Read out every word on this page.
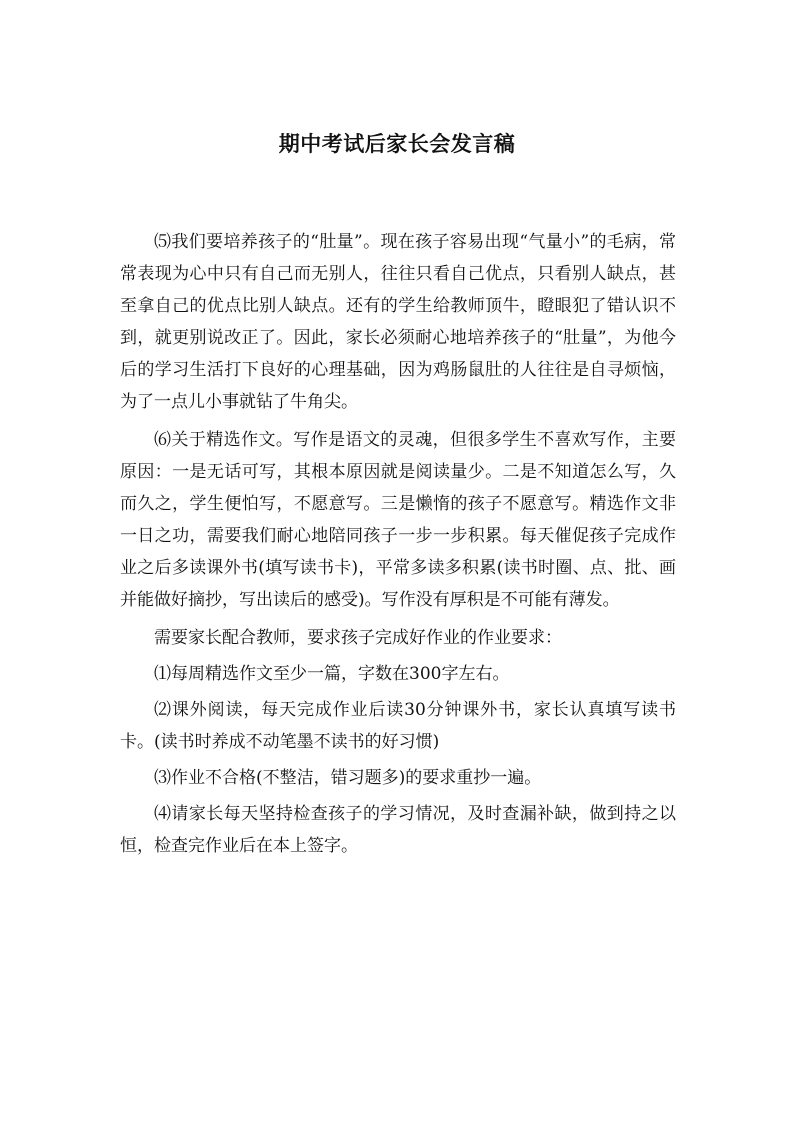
期中考试后家长会发言稿

⑸我们要培养孩子的“肚量”。现在孩子容易出现“气量小”的毛病，常常表现为心中只有自己而无别人，往往只看自己优点，只看别人缺点，甚至拿自己的优点比别人缺点。还有的学生给教师顶牛，瞪眼犯了错认识不到，就更别说改正了。因此，家长必须耐心地培养孩子的“肚量”，为他今后的学习生活打下良好的心理基础，因为鸡肠鼠肚的人往往是自寻烦恼，为了一点儿小事就钻了牛角尖。

⑹关于精选作文。写作是语文的灵魂，但很多学生不喜欢写作，主要原因：一是无话可写，其根本原因就是阅读量少。二是不知道怎么写，久而久之，学生便怕写，不愿意写。三是懒惰的孩子不愿意写。精选作文非一日之功，需要我们耐心地陪同孩子一步一步积累。每天催促孩子完成作业之后多读课外书(填写读书卡)，平常多读多积累(读书时圈、点、批、画并能做好摘抄，写出读后的感受)。写作没有厚积是不可能有薄发。

需要家长配合教师，要求孩子完成好作业的作业要求：

⑴每周精选作文至少一篇，字数在300字左右。

⑵课外阅读，每天完成作业后读30分钟课外书，家长认真填写读书卡。(读书时养成不动笔墨不读书的好习惯)

⑶作业不合格(不整洁，错习题多)的要求重抄一遍。

⑷请家长每天坚持检查孩子的学习情况，及时查漏补缺，做到持之以恒，检查完作业后在本上签字。
